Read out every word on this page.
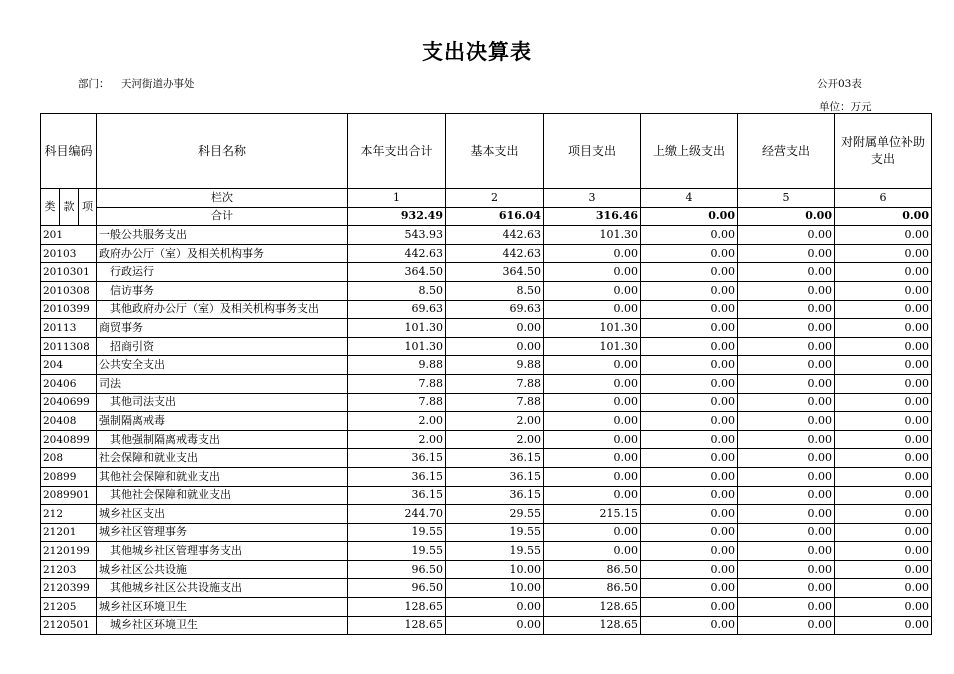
支出决算表
部门： 天河街道办事处	公开03表
单位：万元
科目编码			科目名称	本年支出合计	基本支出	项目支出	上缴上级支出	经营支出	对附属单位补助支出
类	款	项	栏次	1	2	3	4	5	6
			合计	932.49	616.04	316.46	0.00	0.00	0.00
201			一般公共服务支出	543.93	442.63	101.30	0.00	0.00	0.00
20103			政府办公厅（室）及相关机构事务	442.63	442.63	0.00	0.00	0.00	0.00
2010301			行政运行	364.50	364.50	0.00	0.00	0.00	0.00
2010308			信访事务	8.50	8.50	0.00	0.00	0.00	0.00
2010399			其他政府办公厅（室）及相关机构事务支出	69.63	69.63	0.00	0.00	0.00	0.00
20113			商贸事务	101.30	0.00	101.30	0.00	0.00	0.00
2011308			招商引资	101.30	0.00	101.30	0.00	0.00	0.00
204			公共安全支出	9.88	9.88	0.00	0.00	0.00	0.00
20406			司法	7.88	7.88	0.00	0.00	0.00	0.00
2040699			其他司法支出	7.88	7.88	0.00	0.00	0.00	0.00
20408			强制隔离戒毒	2.00	2.00	0.00	0.00	0.00	0.00
2040899			其他强制隔离戒毒支出	2.00	2.00	0.00	0.00	0.00	0.00
208			社会保障和就业支出	36.15	36.15	0.00	0.00	0.00	0.00
20899			其他社会保障和就业支出	36.15	36.15	0.00	0.00	0.00	0.00
2089901			其他社会保障和就业支出	36.15	36.15	0.00	0.00	0.00	0.00
212			城乡社区支出	244.70	29.55	215.15	0.00	0.00	0.00
21201			城乡社区管理事务	19.55	19.55	0.00	0.00	0.00	0.00
2120199			其他城乡社区管理事务支出	19.55	19.55	0.00	0.00	0.00	0.00
21203			城乡社区公共设施	96.50	10.00	86.50	0.00	0.00	0.00
2120399			其他城乡社区公共设施支出	96.50	10.00	86.50	0.00	0.00	0.00
21205			城乡社区环境卫生	128.65	0.00	128.65	0.00	0.00	0.00
2120501			城乡社区环境卫生	128.65	0.00	128.65	0.00	0.00	0.00
